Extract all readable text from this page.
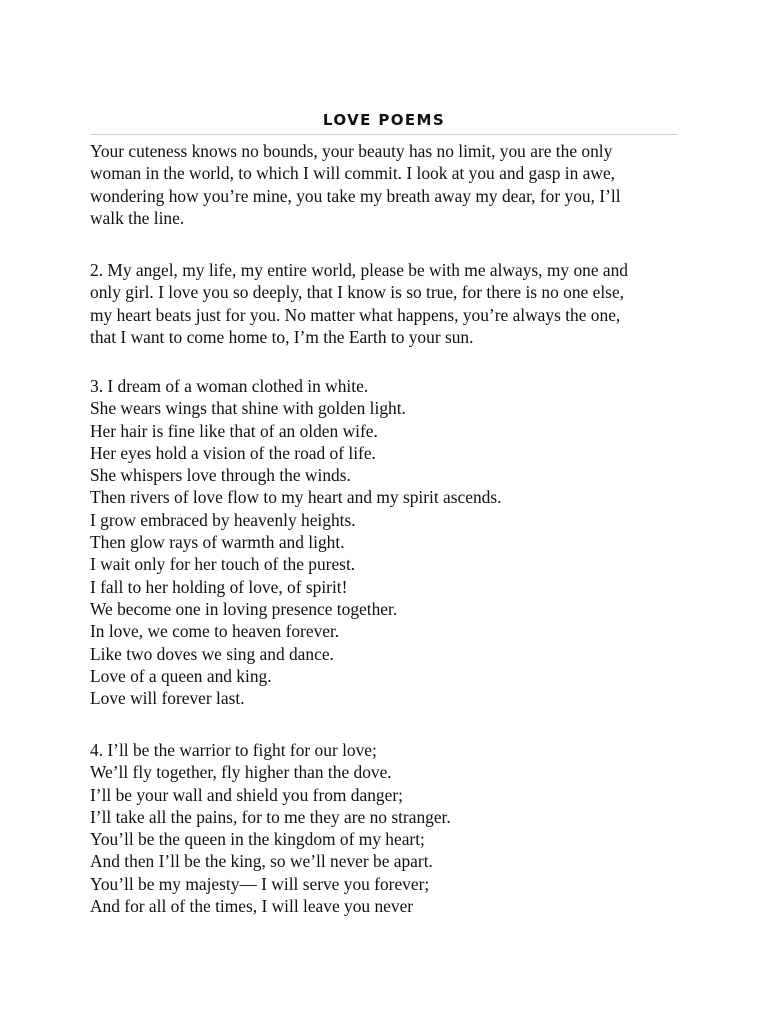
LOVE POEMS

Your cuteness knows no bounds, your beauty has no limit, you are the only
woman in the world, to which I will commit. I look at you and gasp in awe,
wondering how you’re mine, you take my breath away my dear, for you, I’ll
walk the line.

2. My angel, my life, my entire world, please be with me always, my one and
only girl. I love you so deeply, that I know is so true, for there is no one else,
my heart beats just for you. No matter what happens, you’re always the one,
that I want to come home to, I’m the Earth to your sun.

3. I dream of a woman clothed in white.
She wears wings that shine with golden light.
Her hair is fine like that of an olden wife.
Her eyes hold a vision of the road of life.
She whispers love through the winds.
Then rivers of love flow to my heart and my spirit ascends.
I grow embraced by heavenly heights.
Then glow rays of warmth and light.
I wait only for her touch of the purest.
I fall to her holding of love, of spirit!
We become one in loving presence together.
In love, we come to heaven forever.
Like two doves we sing and dance.
Love of a queen and king.
Love will forever last.

4. I’ll be the warrior to fight for our love;
We’ll fly together, fly higher than the dove.
I’ll be your wall and shield you from danger;
I’ll take all the pains, for to me they are no stranger.
You’ll be the queen in the kingdom of my heart;
And then I’ll be the king, so we’ll never be apart.
You’ll be my majesty— I will serve you forever;
And for all of the times, I will leave you never
